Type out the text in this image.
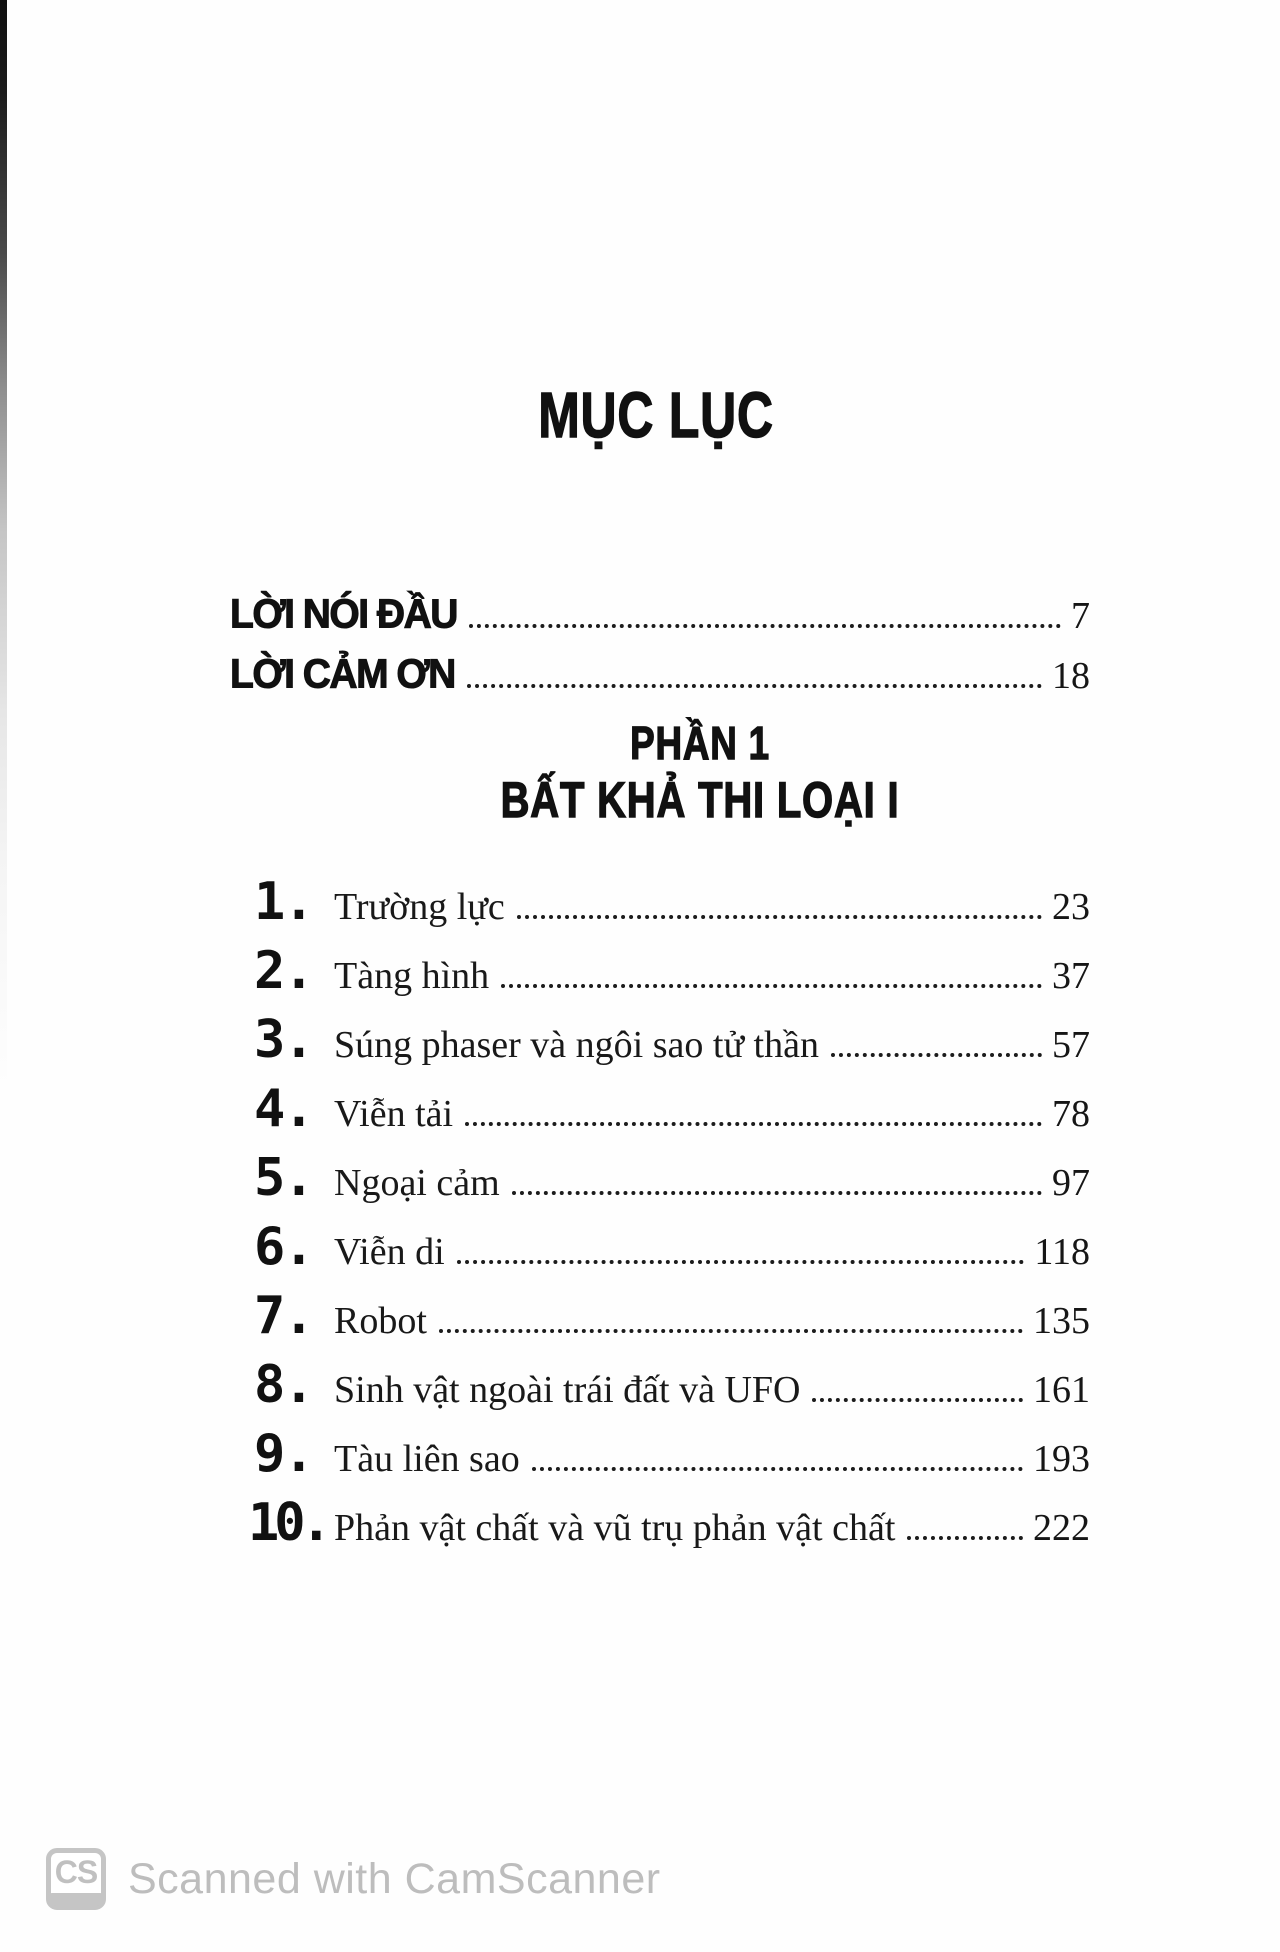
MỤC LỤC
LỜI NÓI ĐẦU	7
LỜI CẢM ƠN	18
PHẦN 1
BẤT KHẢ THI LOẠI I
1. Trường lực	23
2. Tàng hình	37
3. Súng phaser và ngôi sao tử thần	57
4. Viễn tải	78
5. Ngoại cảm	97
6. Viễn di	118
7. Robot	135
8. Sinh vật ngoài trái đất và UFO	161
9. Tàu liên sao	193
10. Phản vật chất và vũ trụ phản vật chất	222
CS Scanned with CamScanner
